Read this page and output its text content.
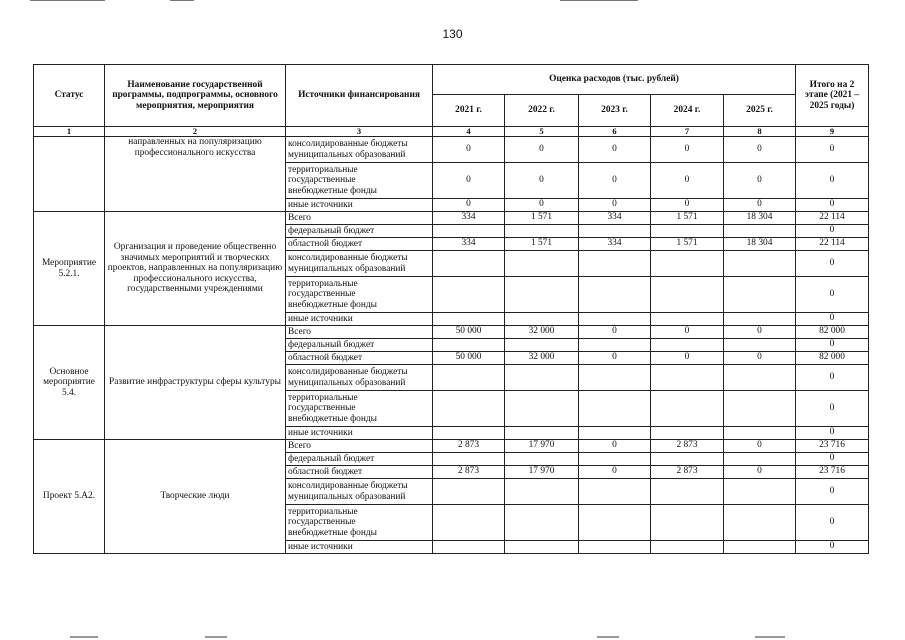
130
Статус	Наименование государственной программы, подпрограммы, основного мероприятия, мероприятия	Источники финансирования	Оценка расходов (тыс. рублей)					Итого на 2 этапе (2021 – 2025 годы)
			2021 г.	2022 г.	2023 г.	2024 г.	2025 г.	
1	2	3	4	5	6	7	8	9
	направленных на популяризацию профессионального искусства	консолидированные бюджеты
муниципальных образований	0	0	0	0	0	0

		территориальные
государственные
внебюджетные фонды	0	0	0	0	0	0
		иные источники	0	0	0	0	0	0

Мероприятие
5.2.1.	Организация и проведение общественно значимых мероприятий и творческих проектов, направленных на популяризацию профессионального искусства, государственными учреждениями	Всего	334	1 571	334	1 571	18 304	22 114
		федеральный бюджет						0
		областной бюджет	334	1 571	334	1 571	18 304	22 114

		консолидированные бюджеты
муниципальных образований						0

		территориальные
государственные
внебюджетные фонды						0
		иные источники						0

Основное
мероприятие
5.4.	Развитие инфраструктуры сферы культуры	Всего	50 000	32 000	0	0	0	82 000
		федеральный бюджет						0
		областной бюджет	50 000	32 000	0	0	0	82 000

		консолидированные бюджеты
муниципальных образований						0

		территориальные
государственные
внебюджетные фонды						0
		иные источники						0

Проект 5.А2.	Творческие люди	Всего	2 873	17 970	0	2 873	0	23 716
		федеральный бюджет						0
		областной бюджет	2 873	17 970	0	2 873	0	23 716

		консолидированные бюджеты
муниципальных образований						0

		территориальные
государственные
внебюджетные фонды						0
		иные источники						0
